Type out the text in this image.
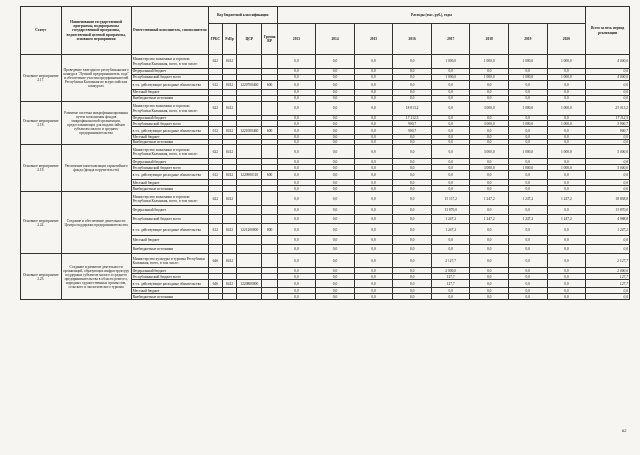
Статус	Наименование государственной программы, подпрограммы государственной программы, ведомственной целевой программы, основного мероприятия	Ответственный исполнитель, соисполнители	Код бюджетной классификации				Расходы (тыс. руб.), годы								Всего за весь период реализации
			ГРБС	РзПр	ЦСР	Группа ВР	2013	2014	2015	2016	2017	2018	2019	2020	
Основное мероприятие 2.17.	Проведение ежегодного республиканского конкурса "Лучший предприниматель года" и обеспечение участия предпринимателей Республики Калмыкия во всероссийских конкурсах	Министерство экономики и торговли Республики Калмыкия, всего, в том числе:	622	0412			0,0	0,0	0,0	0,0	1 000,0	1 000,0	1 000,0	1 000,0	4 000,0
		Федеральный бюджет					0,0	0,0	0,0	0,0	0,0	0,0	0,0	0,0	0,0
		Республиканский бюджет всего					0,0	0,0	0,0	0,0	1 000,0	1 000,0	1 000,0	1 000,0	4 000,0
		в т.ч. действующие расходные обязательства	612	0412	1220700460	600	0,0	0,0	0,0	0,0	0,0	0,0	0,0	0,0	0,0
		Местный бюджет					0,0	0,0	0,0	0,0	0,0	0,0	0,0	0,0	0,0
		Внебюджетные источники					0,0	0,0	0,0	0,0	0,0	0,0	0,0	0,0	0,0
Основное мероприятие 2.18.	Развитие системы микрофинансирования путем пополнения фондов микрофинансовой организации, предоставляющих для выдачи займов субъектам малого и среднего предпринимательства	Министерство экономики и торговли Республики Калмыкия, всего, в том числе:	622	0412			0,0	0,0	0,0	18 013,2	0,0	3 000,0	1 000,0	1 000,0	23 013,2
		Федеральный бюджет					0,0	0,0	0,0	17 112,5	0,0	0,0	0,0	0,0	17 112,5
		Республиканский бюджет всего					0,0	0,0	0,0	900,7	0,0	3 000,0	1 000,0	1 000,0	5 900,7
		в т.ч. действующие расходные обязательства	612	0412	1221000460	600	0,0	0,0	0,0	900,7	0,0	0,0	0,0	0,0	900,7
		Местный бюджет					0,0	0,0	0,0	0,0	0,0	0,0	0,0	0,0	0,0
		Внебюджетные источники					0,0	0,0	0,0	0,0	0,0	0,0	0,0	0,0	0,0
Основное мероприятие 2.19.	Увеличение капитализации гарантийного фонда (фонда поручительств)	Министерство экономики и торговли Республики Калмыкия, всего, в том числе:	622	0412			0,0	0,0	0,0	0,0	0,0	3 000,0	1 000,0	1 000,0	5 000,0
		Федеральный бюджет					0,0	0,0	0,0	0,0	0,0	0,0	0,0	0,0	0,0
		Республиканский бюджет всего					0,0	0,0	0,0	0,0	0,0	3 000,0	1 000,0	1 000,0	5 000,0
		в т.ч. действующие расходные обязательства	612	0412	1220900110	600	0,0	0,0	0,0	0,0	0,0	0,0	0,0	0,0	0,0
		Местный бюджет					0,0	0,0	0,0	0,0	0,0	0,0	0,0	0,0	0,0
		Внебюджетные источники					0,0	0,0	0,0	0,0	0,0	0,0	0,0	0,0	0,0
Основное мероприятие 2.22.	Создание и обеспечение деятельности Центра поддержки предпринимательства	Министерство экономики и торговли Республики Калмыкия, всего, в том числе:	622	0412			0,0	0,0	0,0	0,0	15 117,2	1 247,2	1 247,2	1 247,2	18 858,8
		Федеральный бюджет					0,0	0,0	0,0	0,0	13 870,0	0,0	0,0	0,0	13 870,0
		Республиканский бюджет всего					0,0	0,0	0,0	0,0	1 247,2	1 247,2	1 247,2	1 247,2	4 988,8
		в т.ч. действующие расходные обязательства	612	0412	1221200000	800	0,0	0,0	0,0	0,0	1 247,2	0,0	0,0	0,0	1 247,2
		Местный бюджет					0,0	0,0	0,0	0,0	0,0	0,0	0,0	0,0	0,0
		Внебюджетные источники					0,0	0,0	0,0	0,0	0,0	0,0	0,0	0,0	0,0
Основное мероприятие 2.23.	Создание и развитие деятельности организаций, образующих инфраструктуру поддержки субъектов малого и среднего предпринимательства в области ремесел, народных художественных промыслов, сельского и экологического туризма	Министерство культуры и туризма Республики Калмыкия, всего, в том числе:	646	0412			0,0	0,0	0,0	0,0	2 127,7	0,0	0,0	0,0	2 127,7
		Федеральный бюджет					0,0	0,0	0,0	0,0	2 000,0	0,0	0,0	0,0	2 000,0
		Республиканский бюджет всего					0,0	0,0	0,0	0,0	127,7	0,0	0,0	0,0	127,7
		в т.ч. действующие расходные обязательства	646	0412	1220800000		0,0	0,0	0,0	0,0	127,7	0,0	0,0	0,0	127,7
		Местный бюджет					0,0	0,0	0,0	0,0	0,0	0,0	0,0	0,0	0,0
		Внебюджетные источники					0,0	0,0	0,0	0,0	0,0	0,0	0,0	0,0	0,0
62
